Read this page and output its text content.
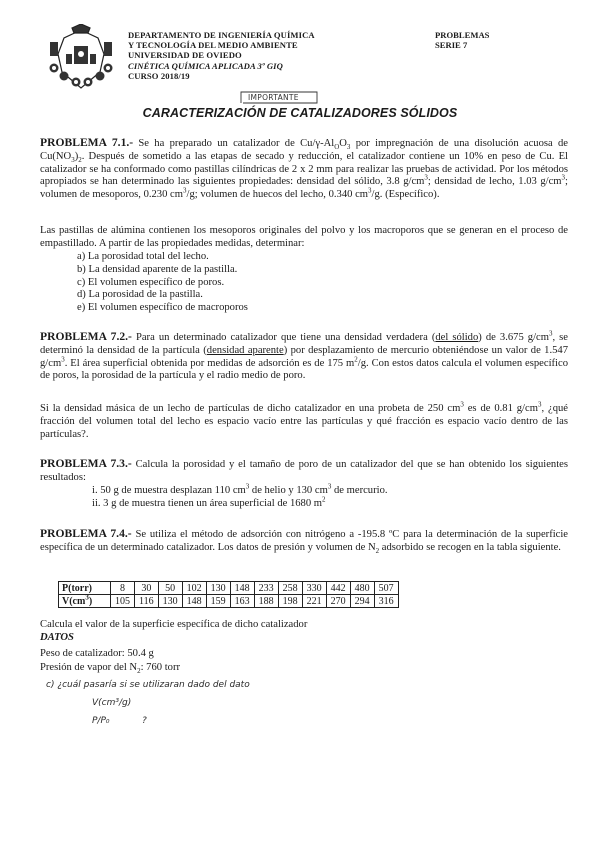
DEPARTAMENTO DE INGENIERÍA QUÍMICA
Y TECNOLOGÍA DEL MEDIO AMBIENTE
UNIVERSIDAD DE OVIEDO
CINÉTICA QUÍMICA APLICADA 3º GIQ
CURSO 2018/19
PROBLEMAS
SERIE 7
IMPORTANTE
CARACTERIZACIÓN DE CATALIZADORES SÓLIDOS
PROBLEMA 7.1.- Se ha preparado un catalizador de $Cu/\gamma-Al_OO_3$ por impregnación de una disolución acuosa de $Cu(NO_3)_2$. Después de sometido a las etapas de secado y reducción, el catalizador contiene un 10% en peso de Cu. El catalizador se ha conformado como pastillas cilíndricas de 2 x 2 mm para realizar las pruebas de actividad. Por los métodos apropiados se han determinado las siguientes propiedades: densidad del sólido, 3.8 $g/cm^3$; densidad de lecho, 1.03 $g/cm^3$; volumen de mesoporos, 0.230 $cm^3/g$; volumen de huecos del lecho, 0.340 $cm^3/g$. (Específico).
Las pastillas de alúmina contienen los mesoporos originales del polvo y los macroporos que se generan en el proceso de empastillado. A partir de las propiedades medidas, determinar:
a) La porosidad total del lecho.
b) La densidad aparente de la pastilla.
c) El volumen específico de poros.
d) La porosidad de la pastilla.
e) El volumen específico de macroporos
PROBLEMA 7.2.- Para un determinado catalizador que tiene una densidad verdadera (del sólido) de 3.675 $g/cm^3$, se determinó la densidad de la partícula (densidad aparente) por desplazamiento de mercurio obteniéndose un valor de 1.547 $g/cm^3$. El área superficial obtenida por medidas de adsorción es de 175 $m^2/g$. Con estos datos calcula el volumen específico de poros, la porosidad de la partícula y el radio medio de poro.
Si la densidad másica de un lecho de partículas de dicho catalizador en una probeta de 250 $cm^3$ es de 0.81 $g/cm^3$, ¿qué fracción del volumen total del lecho es espacio vacío entre las partículas y qué fracción es espacio vacío dentro de las partículas?.
PROBLEMA 7.3.- Calcula la porosidad y el tamaño de poro de un catalizador del que se han obtenido los siguientes resultados:
i. 50 g de muestra desplazan 110 $cm^3$ de helio y 130 $cm^3$ de mercurio.
ii. 3 g de muestra tienen un área superficial de 1680 $m^2$
PROBLEMA 7.4.- Se utiliza el método de adsorción con nitrógeno a -195.8 ºC para la determinación de la superficie específica de un determinado catalizador. Los datos de presión y volumen de $N_2$ adsorbido se recogen en la tabla siguiente.
P(torr)	8	30	50	102	130	148	233	258	330	442	480	507
$V(cm^3)$	105	116	130	148	159	163	188	198	221	270	294	316
Calcula el valor de la superficie específica de dicho catalizador
DATOS
Peso de catalizador: 50.4 g
Presión de vapor del $N_2$: 760 torr
c) ¿cuál pasaría si se utilizaran dado del dato
V(cm³/g)
P/P₀	?
